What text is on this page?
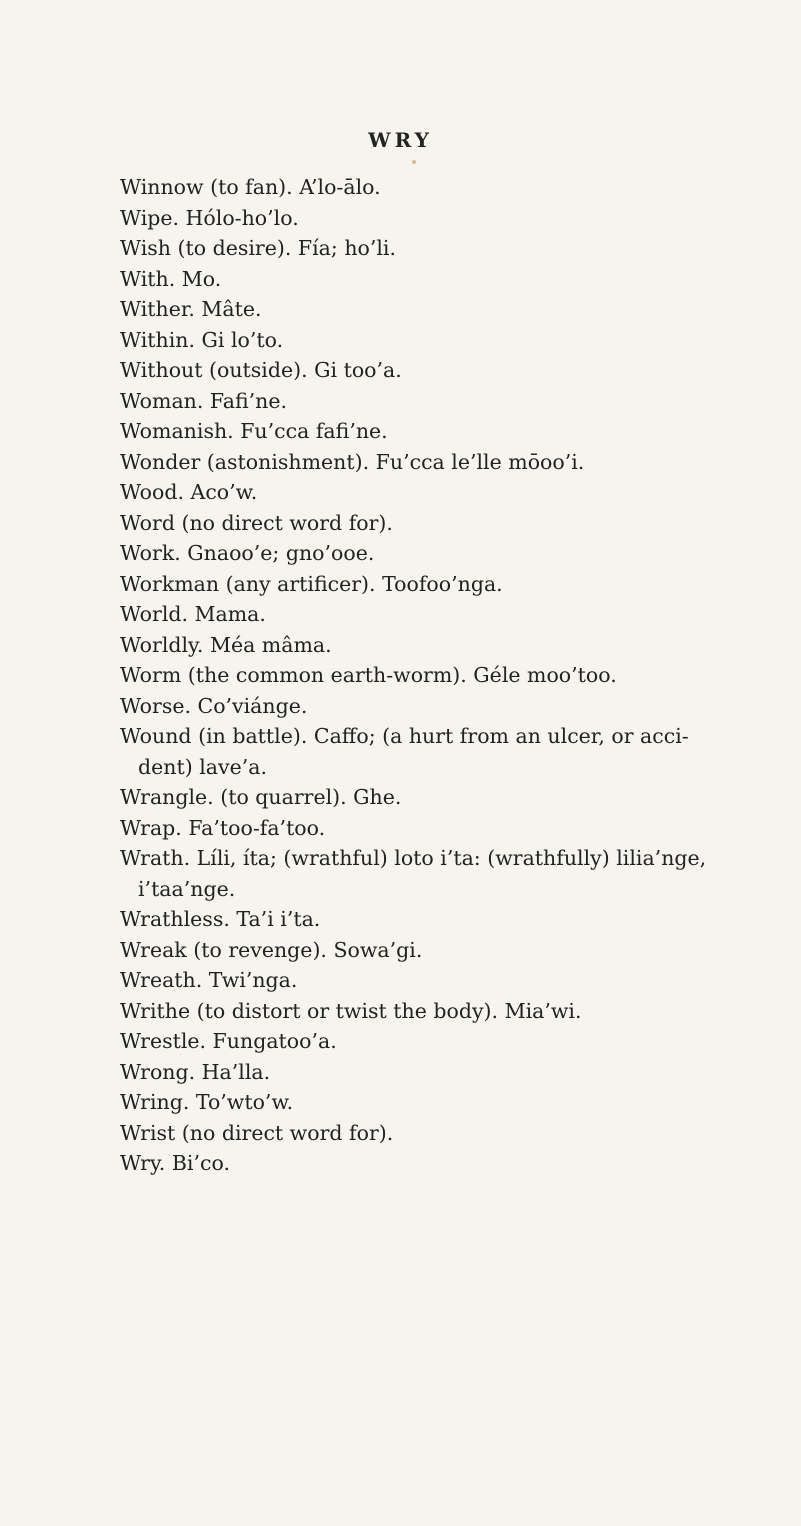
WRY
Winnow (to fan). A’lo-ālo.
Wipe. Hólo-ho’lo.
Wish (to desire). Fía; ho’li.
With. Mo.
Wither. Mâte.
Within. Gi lo’to.
Without (outside). Gi too’a.
Woman. Fafi’ne.
Womanish. Fu’cca fafi’ne.
Wonder (astonishment). Fu’cca le’lle mōoo’i.
Wood. Aco’w.
Word (no direct word for).
Work. Gnaoo’e; gno’ooe.
Workman (any artificer). Toofoo’nga.
World. Mama.
Worldly. Méa mâma.
Worm (the common earth-worm). Géle moo’too.
Worse. Co’viánge.
Wound (in battle). Caffo; (a hurt from an ulcer, or acci- dent) lave’a.
Wrangle. (to quarrel). Ghe.
Wrap. Fa’too-fa’too.
Wrath. Líli, íta; (wrathful) loto i’ta: (wrathfully) lilia’nge, i’taa’nge.
Wrathless. Ta’i i’ta.
Wreak (to revenge). Sowa’gi.
Wreath. Twi’nga.
Writhe (to distort or twist the body). Mia’wi.
Wrestle. Fungatoo’a.
Wrong. Ha’lla.
Wring. To’wto’w.
Wrist (no direct word for).
Wry. Bi’co.
